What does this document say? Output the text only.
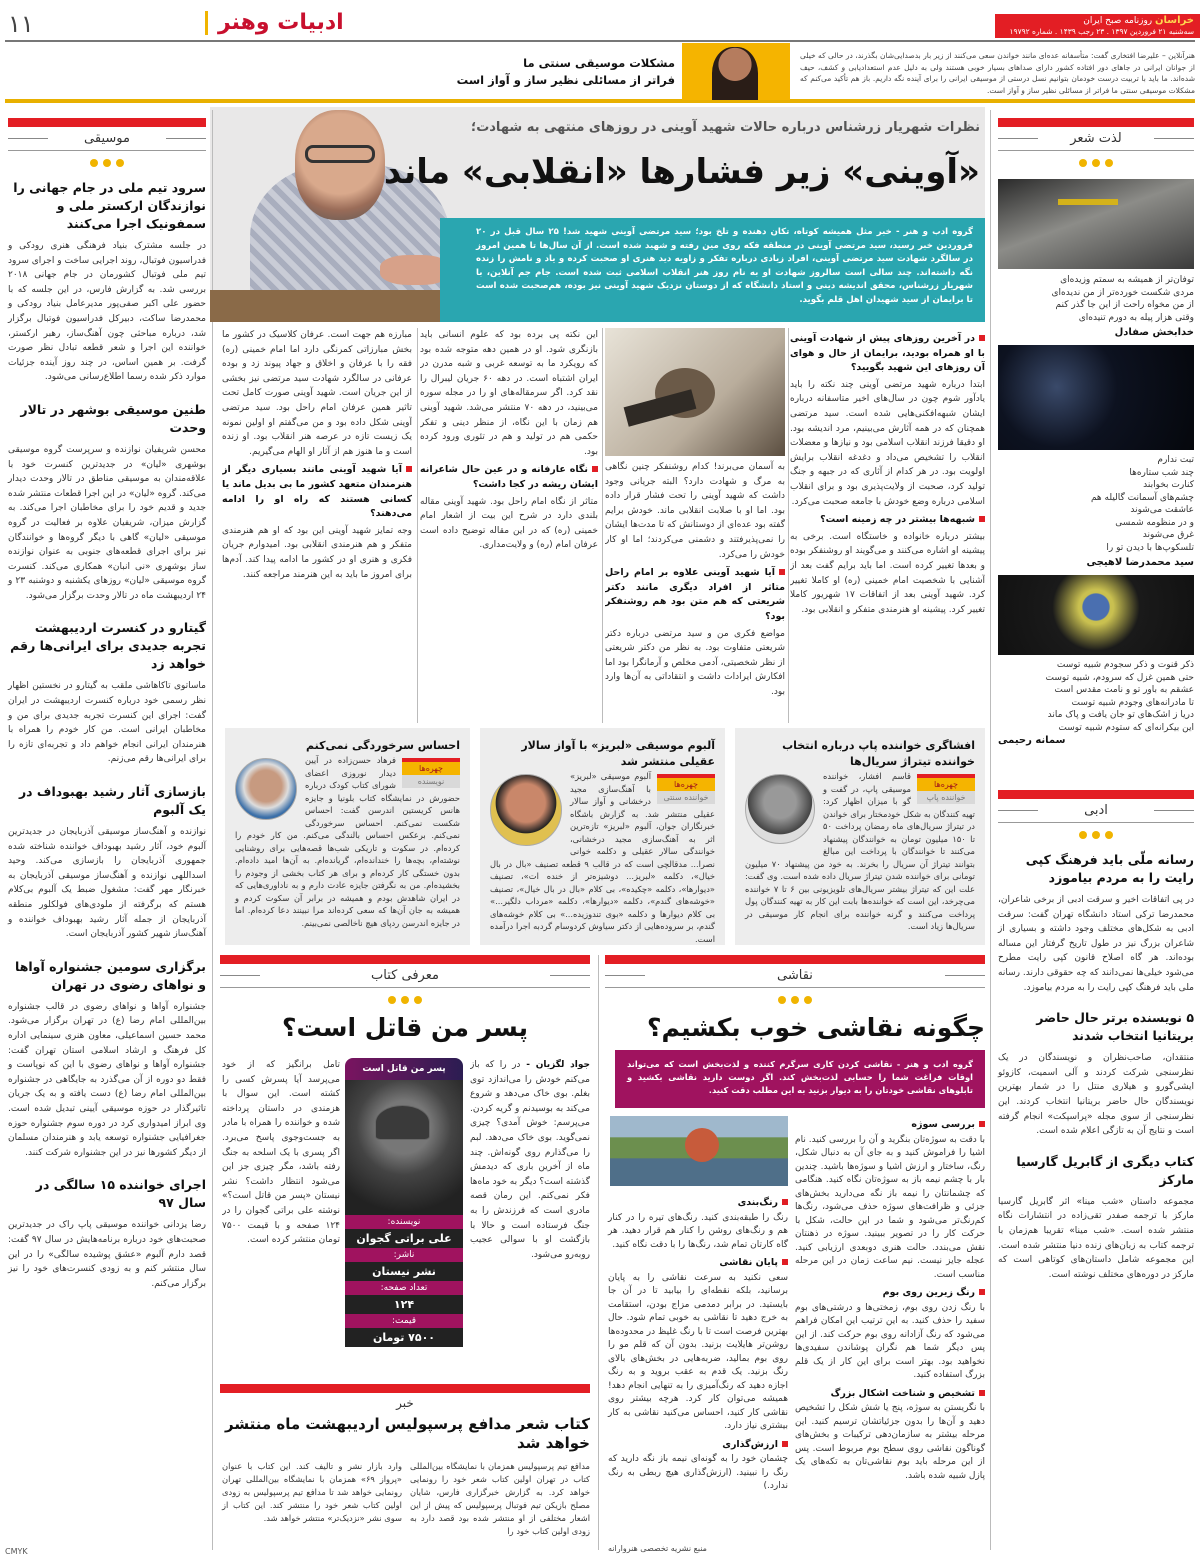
۱۱	ادبیات وهنر	خراسان روزنامه صبح ایران
سه‌شنبه ۲۱ فروردین ۱۳۹۷ . ۲۳ رجب ۱۴۳۹ . شماره ۱۹۷۹۲
هنرآنلاین – علیرضا افتخاری گفت: متأسفانه عده‌ای مانند خواندن سعی می‌کنند از زیر بار بدصدایی‌شان بگذرند، در حالی که خیلی از جوانان ایرانی در جاهای دور افتاده کشور دارای صداهای بسیار خوبی هستند ولی به دلیل عدم استعدادیابی و کشف، حیف شده‌اند. ما باید با تربیت درست خودمان بتوانیم نسل درستی از موسیقی ایرانی را برای آینده نگه داریم. باز هم تأکید می‌کنم که مشکلات موسیقی سنتی ما فراتر از مسائلی نظیر ساز و آواز است.
مشکلات موسیقی سنتی ما
فراتر از مسائلی نظیر ساز و آواز است
نظرات شهریار زرشناس درباره حالات شهید آوینی در روزهای منتهی به شهادت؛
«آوینی» زیر فشارها «انقلابی» ماند
گروه ادب و هنر - خبر مثل همیشه کوتاه، تکان دهنده و تلخ بود؛ سید مرتضی آوینی شهید شد! ۲۵ سال قبل در ۲۰ فروردین خبر رسید، سید مرتضی آوینی در منطقه فکه روی مین رفته و شهید شده است. از آن سال‌ها تا همین امروز در سالگرد شهادت سید مرتضی آوینی، افراد زیادی درباره تفکر و زاویه دید هنری او صحبت کرده و یاد و نامش را زنده نگه داشته‌اند. چند سالی است سالروز شهادت او به نام روز هنر انقلاب اسلامی ثبت شده است. جام جم آنلاین، با شهریار زرشناس، محقق اندیشه دینی و استاد دانشگاه که از دوستان نزدیک شهید آوینی نیز بوده، هم‌صحبت شده است تا برایمان از سید شهیدان اهل قلم بگوید.
در آخرین روزهای پیش از شهادت آوینی با او همراه بودید، برایمان از حال و هوای آن روزهای این شهید بگویید؟

ابتدا درباره شهید مرتضی آوینی چند نکته را باید یادآور شوم چون در سال‌های اخیر متاسفانه درباره ایشان شبهه‌افکنی‌هایی شده است. سید مرتضی همچنان که در همه آثارش می‌بینیم، مرد اندیشه بود. او دقیقا فرزند انقلاب اسلامی بود و نیازها و معضلات انقلاب را تشخیص می‌داد و دغدغه انقلاب برایش اولویت بود. در هر کدام از آثاری که در جبهه و جنگ تولید کرد، صحبت از ولایت‌پذیری بود و برای انقلاب اسلامی درباره وضع خودش با جامعه صحبت می‌کرد.

شبهه‌ها بیشتر در چه زمینه است؟

بیشتر درباره خانواده و خاستگاه است. برخی به پیشینه او اشاره می‌کنند و می‌گویند او روشنفکر بوده و بعدها تغییر کرده است. اما باید برایم گفت بعد از آشنایی با شخصیت امام خمینی (ره) او کاملا تغییر کرد. شهید آوینی بعد از اتفاقات ۱۷ شهریور کاملا تغییر کرد. پیشینه او هنرمندی متفکر و انقلابی بود.

به آسمان می‌برند! کدام روشنفکر چنین نگاهی به مرگ و شهادت دارد؟ البته جریانی وجود داشت که شهید آوینی را تحت فشار قرار داده بود. اما او با صلابت انقلابی ماند. خودش برایم گفته‌ بود عده‌ای از دوستانش که تا مدت‌ها ایشان را نمی‌پذیرفتند و دشمنی می‌کردند؛ اما او کار خودش را می‌کرد.

آیا شهید آوینی علاوه بر امام راحل متاثر از افراد دیگری مانند دکتر شریعتی که هم متن بود هم روشنفکر بود؟

مواضع فکری من و سید مرتضی درباره دکتر شریعتی متفاوت بود. به نظر من دکتر شریعتی از نظر شخصیتی، آدمی مخلص و آرمانگرا بود اما افکارش ایرادات داشت و انتقاداتی به آن‌ها وارد بود.

این نکته پی برده بود که علوم انسانی باید بازنگری شود. او در همین دهه متوجه شده بود که رویکرد ما به توسعه غربی و شبه مدرن در ایران اشتباه است. در دهه ۶۰ جریان لیبرال را نقد کرد. اگر سرمقاله‌های او را در مجله سوره می‌بینید، در دهه ۷۰ منتشر می‌شد. شهید آوینی هم زمان با این نگاه، از منظر دینی و تفکر حکمی هم در تولید و هم در تئوری ورود کرده بود.

نگاه عارفانه و در عین حال شاعرانه ایشان ریشه در کجا داشت؟

متاثر از نگاه امام راحل بود. شهید آوینی مقاله بلندی دارد در شرح این بیت از اشعار امام خمینی (ره) که در این مقاله توضیح داده است عرفان امام (ره) و ولایت‌مداری.

مبارزه هم جهت است. عرفان کلاسیک در کشور ما بخش مبارزاتی کمرنگی دارد اما امام خمینی (ره) فقه را با عرفان و اخلاق و جهاد پیوند زد و بوده عرفانی در سالگرد شهادت سید مرتضی نیز بخشی از این جریان است. شهید آوینی صورت کامل تحت تاثیر همین عرفان امام راحل بود. سید مرتضی آوینی شکل داده بود و من می‌گفتم او اولین نمونه یک زیست تازه در عرصه هنر انقلاب بود. او زنده است و ما هنوز هم از آثار او الهام می‌گیریم.

آیا شهید آوینی مانند بسیاری دیگر از هنرمندان متعهد کشور ما بی بدیل ماند یا کسانی هستند که راه او را ادامه می‌دهند؟

وجه تمایز شهید آوینی این بود که او هم هنرمندی متفکر و هم هنرمندی انقلابی بود. امیدوارم جریان فکری و هنری او در کشور ما ادامه پیدا کند. آدم‌ها برای امروز ما باید به این هنرمند مراجعه کنند.

افشاگری خواننده پاپ درباره انتخاب خواننده تیتراژ سریال‌ها
چهره‌ها
خواننده پاپ
قاسم افشار، خواننده موسیقی پاپ، در گفت و گو با میزان اظهار کرد: تهیه کنندگان به شکل خودمختار برای خواندن در تیتراژ سریال‌های ماه رمضان پرداخت ۵۰ تا ۱۵۰ میلیون تومان به خوانندگان پیشنهاد می‌کنند تا خوانندگان با پرداخت این مبالغ بتوانند تیتراژ آن سریال را بخرند. به خود من پیشنهاد ۷۰ میلیون تومانی برای خواننده شدن تیتراژ سریال داده شده است. وی گفت: علت این که تیتراژ بیشتر سریال‌های تلویزیونی بین ۶ تا ۷ خواننده می‌چرخد، این است که خواننده‌ها بابت این کار به تهیه کنندگان پول پرداخت می‌کنند و گرنه خواننده برای انجام کار موسیقی در سریال‌ها زیاد است.
آلبوم موسیقی «لبریز» با آواز سالار عقیلی منتشر شد
چهره‌ها
خواننده سنتی
آلبوم موسیقی «لبریز» با آهنگ‌سازی مجید درخشانی و آواز سالار عقیلی منتشر شد. به گزارش باشگاه خبرنگاران جوان، آلبوم «لبریز» تازه‌ترین اثر به آهنگ‌سازی مجید درخشانی، خوانندگی سالار عقیلی و دکلمه خوانی نصرا... مدقالچی است که در قالب ۹ قطعه تصنیف «بال در بال خیال»، دکلمه «لبریز... دوشیزه‌تر از خنده ات»، تصنیف «دیوارها»، دکلمه «چکیده»، بی کلام «بال در بال خیال»، تصنیف «خوشه‌های گندم»، دکلمه «دیوارها»، دکلمه «مرداب دلگیر...» بی کلام دیوارها و دکلمه «بوی تندوزیده...» بی کلام خوشه‌های گندم، بر سروده‌هایی از دکتر سیاوش کردوسام گردبه اجرا درآمده است.
احساس سرخوردگی نمی‌کنم
چهره‌ها
نویسنده
فرهاد حسن‌زاده در آیین دیدار نوروزی اعضای شورای کتاب کودک درباره حضورش در نمایشگاه کتاب بلونیا و جایزه هانس کریستین اندرسن گفت: احساس شکست نمی‌کنم. احساس سرخوردگی نمی‌کنم. برعکس احساس بالندگی می‌کنم. من کار خودم را کرده‌ام. در سکوت و تاریکی شب‌ها قصه‌هایی برای روشنایی نوشته‌ام، بچه‌ها را خندانده‌ام، گریانده‌ام. به آن‌ها امید داده‌ام. بدون خستگی کار کرده‌ام و برای هر کتاب بخشی از وجودم را بخشیده‌ام. من به نگرفتن جایزه عادت دارم و به ناداوری‌هایی که در ایران شاهدش بودم و همیشه در برابر آن سکوت کردم و همیشه به جان آن‌ها که سعی کرده‌اند مرا نبینند دعا کرده‌ام. اما در جایزه اندرسن ردپای هیچ ناخالصی نمی‌بینم.
نقاشی
چگونه نقاشی خوب بکشیم؟
گروه ادب و هنر - نقاشی کردن کاری سرگرم کننده و لذت‌بخش است که می‌تواند اوقات فراغت شما را حسابی لذت‌بخش کند. اگر دوست دارید نقاشی بکشید و تابلوهای نقاشی خودتان را به دیوار بزنید به این مطلب دقت کنید.
بررسی سوژه

با دقت به سوژه‌تان بنگرید و آن را بررسی کنید. نام اشیا را فراموش کنید و به جای آن به دنبال شکل، رنگ، ساختار و ارزش اشیا و سوژه‌ها باشید. چندین بار با چشم نیمه باز به سوژه‌تان نگاه کنید. هنگامی که چشمانتان را نیمه باز نگه می‌دارید بخش‌های جزئی و ظرافت‌های سوژه حذف می‌شود، رنگ‌ها کم‌رنگ‌تر می‌شود و شما در این حالت، شکل با حرکت کار را در تصویر ببینید. سوژه در ذهنتان نقش می‌بندد. حالت هنری دوبعدی ارزیابی کنید. عجله جایز نیست. نیم ساعت زمان در این مرحله مناسب است.

رنگ زیرین روی بوم

با رنگ زدن روی بوم، زمختی‌ها و درشتی‌های بوم سفید را حذف کنید. به این ترتیب این امکان فراهم می‌شود که رنگ آزادانه روی بوم حرکت کند. از این پس دیگر شما هم نگران پوشاندن سفیدی‌ها نخواهید بود. بهتر است برای این کار از یک قلم بزرگ استفاده کنید.

تشخیص و شناخت اشکال بزرگ

با نگریستن به سوژه، پنج یا شش شکل را تشخیص دهید و آن‌ها را بدون جزئیاتشان ترسیم کنید. این مرحله بیشتر به سازمان‌دهی ترکیبات و بخش‌های گوناگون نقاشی روی سطح بوم مربوط است. پس از این مرحله باید بوم نقاشی‌تان به تکه‌های یک پازل شبیه شده باشد.

رنگ‌بندی

رنگ را طبقه‌بندی کنید. رنگ‌های تیره را در کنار هم و رنگ‌های روشن را کنار هم قرار دهید. هر گاه کارتان تمام شد، رنگ‌ها را با دقت نگاه کنید.

پایان نقاشی

سعی نکنید به سرعت نقاشی را به پایان برسانید، بلکه نقطه‌ای را بیابید تا در آن جا بایستید. در برابر دمدمی مزاج بودن، استقامت به خرج دهید تا نقاشی به خوبی تمام شود. حال بهترین فرصت است تا با رنگ غلیظ در محدوده‌ها روشن‌تر هایلایت بزنید. بدون آن که قلم مو را روی بوم بمالید، ضربه‌هایی در بخش‌های بالای رنگ بزنید. یک قدم به عقب بروید و به رنگ اجازه دهید که رنگ‌آمیزی را به تنهایی انجام دهد! همیشه می‌توان کار کرد. هرچه بیشتر روی نقاشی کار کنید، احساس می‌کنید نقاشی به کار بیشتری نیاز دارد.

ارزش‌گذاری

چشمان خود را به گونه‌ای نیمه باز نگه دارید که رنگ را نبینید. (ارزش‌گذاری هیچ ربطی به رنگ ندارد.)

منبع نشریه تخصصی هنروارانه
معرفی کتاب
پسر من قاتل است؟
جواد لگزیان - در را که باز می‌کنم خودش را می‌اندازد توی بغلم. بوی خاک می‌دهد و شروع می‌کند به بوسیدنم و گریه کردن. می‌پرسم: خوش آمدی؟ چیزی نمی‌گوید. بوی خاک می‌دهد. لبم را می‌گذارم روی گونه‌اش. چند ماه از آخرین باری که دیدمش گذشته است؟ دیگر به خود ماه‌ها فکر نمی‌کنم. این رمان قصه مادری است که فرزندش را به جنگ فرستاده است و حالا با بازگشت او با سوالی عجیب روبه‌رو می‌شود.

تامل برانگیز که از خود می‌پرسد آیا پسرش کسی را کشته است. این سوال با هزمندی در داستان پرداخته شده و خواننده را همراه با مادر به جست‌وجوی پاسخ می‌برد. اگر پسری با یک اسلحه به جنگ رفته باشد، مگر چیزی جز این می‌شود انتظار داشت؟ نشر نیستان «پسر من قاتل است؟» نوشته علی براتی گجوان را در ۱۲۴ صفحه و با قیمت ۷۵۰۰ تومان منتشر کرده است.

پسر من قاتل است
نویسنده:
علی براتی گجوان
ناشر:
نشر نیستان
تعداد صفحه:
۱۲۴
قیمت:
۷۵۰۰ تومان
خبر
کتاب شعر مدافع پرسپولیس اردیبهشت ماه منتشر خواهد شد
مدافع تیم پرسپولیس همزمان با نمایشگاه بین‌المللی کتاب در تهران اولین کتاب شعر خود را رونمایی خواهد کرد. به گزارش خبرگزاری فارس، شایان مصلح بازیکن تیم فوتبال پرسپولیس که پیش از این اشعار مختلفی از او منتشر شده بود قصد دارد به زودی اولین کتاب خود را
وارد بازار نشر و تالیف کند. این کتاب با عنوان «پرواز ۶۹» همزمان با نمایشگاه بین‌المللی تهران رونمایی خواهد شد تا مدافع تیم پرسپولیس به زودی اولین کتاب شعر خود را منتشر کند. این کتاب از سوی نشر «نزدیک‌تر» منتشر خواهد شد.
لذت شعر
توفان‌تر از همیشه به سمتم وزیده‌ای
مردی شکست خورده‌تر از من ندیده‌ای
از من مخواه راحت از این جا گذر کنم
وقتی هزار پیله به دورم تنیده‌ای
خدابخش صفادل
تبت ندارم
چند شب ستاره‌ها
کنارت بخوابند
چشم‌های آسمانت گالیله هم
عاشقت می‌شوند
و در منظومه شمسی
غرق می‌شوند
تلسکوپ‌ها با دیدن تو را
سید محمدرضا لاهیجی
ذکر قنوت و ذکر سجودم شبیه توست
حتی همین غزل که سرودم، شبیه توست
عشقم به باور تو و نامت مقدس است
تا مادرانه‌های وجودم شبیه توست
دریا ز اشک‌های تو جان یافت و پاک ماند
این بیکرانه‌ای که ستودم شبیه توست
سمانه رحیمی
ادبی
رسانه ملّی باید فرهنگ کپی رایت را به مردم بیاموزد
در پی اتفاقات اخیر و سرقت ادبی از برخی شاعران، محمدرضا ترکی استاد دانشگاه تهران گفت: سرقت ادبی به شکل‌های مختلف وجود داشته و بسیاری از شاعران بزرگ نیز در طول تاریخ گرفتار این مساله بوده‌اند. هر گاه اصلاح قانون کپی رایت مطرح می‌شود خیلی‌ها نمی‌دانند که چه حقوقی دارند. رسانه ملی باید فرهنگ کپی رایت را به مردم بیاموزد.
۵ نویسنده برتر حال حاضر بریتانیا انتخاب شدند
منتقدان، صاحب‌نظران و نویسندگان در یک نظرسنجی شرکت کردند و آلی اسمیت، کازوئو ایشی‌گورو و هیلاری منتل را در شمار بهترین نویسندگان حال حاضر بریتانیا انتخاب کردند. این نظرسنجی از سوی مجله «پراسپکت» انجام گرفته است و نتایج آن به تازگی اعلام شده است.
کتاب دیگری از گابریل گارسیا مارکز
مجموعه داستان «شب مینا» اثر گابریل گارسیا مارکز با ترجمه صفدر تقی‌زاده در انتشارات نگاه منتشر شده است. «شب مینا» تقریبا هم‌زمان با ترجمه کتاب به زبان‌های زنده دنیا منتشر شده است. این مجموعه شامل داستان‌های کوتاهی است که مارکز در دوره‌های مختلف نوشته است.
موسیقی
سرود تیم ملی در جام جهانی را نوازندگان ارکستر ملی و سمفونیک اجرا می‌کنند
در جلسه مشترک بنیاد فرهنگی هنری رودکی و فدراسیون فوتبال، روند اجرایی ساخت و اجرای سرود تیم ملی فوتبال کشورمان در جام جهانی ۲۰۱۸ بررسی شد. به گزارش فارس، در این جلسه که با حضور علی اکبر صفی‌پور مدیرعامل بنیاد رودکی و محمدرضا ساکت، دبیرکل فدراسیون فوتبال برگزار شد، درباره مباحثی چون آهنگ‌ساز، رهبر ارکستر، خواننده این اجرا و شعر قطعه تبادل نظر صورت گرفت. بر همین اساس، در چند روز آینده جزئیات موارد ذکر شده رسما اطلاع‌رسانی می‌شود.
طنین موسیقی بوشهر در تالار وحدت
محسن شریفیان نوازنده و سرپرست گروه موسیقی بوشهری «لیان» در جدیدترین کنسرت خود با علاقه‌مندان به موسیقی مناطق در تالار وحدت دیدار می‌کند. گروه «لیان» در این اجرا قطعات منتشر شده جدید و قدیم خود را برای مخاطبان اجرا می‌کند. به گزارش میزان، شریفیان علاوه بر فعالیت در گروه موسیقی «لیان» گاهی با دیگر گروه‌ها و خوانندگان نیز برای اجرای قطعه‌های جنوبی به عنوان نوازنده ساز بوشهری «نی انبان» همکاری می‌کند. کنسرت گروه موسیقی «لیان» روزهای یکشنبه و دوشنبه ۲۳ و ۲۴ اردیبهشت ماه در تالار وحدت برگزار می‌شود.
گیتارو در کنسرت اردیبهشت تجربه جدیدی برای ایرانی‌ها رقم خواهد زد
ماساتوی تاکاهاشی ملقب به گیتارو در نخستین اظهار نظر رسمی خود درباره کنسرت اردیبهشت در ایران گفت: اجرای این کنسرت تجربه جدیدی برای من و مخاطبان ایرانی است. من کار خودم را همراه با هنرمندان ایرانی انجام خواهم داد و تجربه‌ای تازه را برای ایرانی‌ها رقم می‌زنم.
بازسازی آثار رشید بهبوداف در یک آلبوم
نوازنده و آهنگ‌ساز موسیقی آذربایجان در جدیدترین آلبوم خود، آثار رشید بهبوداف خواننده شناخته شده جمهوری آذربایجان را بازسازی می‌کند. وحید اسداللهی نوازنده و آهنگ‌ساز موسیقی آذربایجان به خبرنگار مهر گفت: مشغول ضبط یک آلبوم بی‌کلام هستم که برگرفته از ملودی‌های فولکلور منطقه آذربایجان از جمله آثار رشید بهبوداف خواننده و آهنگ‌ساز شهیر کشور آذربایجان است.
برگزاری سومین جشنواره آواها و نواهای رضوی در تهران
جشنواره آواها و نواهای رضوی در قالب جشنواره بین‌المللی امام رضا (ع) در تهران برگزار می‌شود. محمد حسین اسماعیلی، معاون هنری سینمایی اداره کل فرهنگ و ارشاد اسلامی استان تهران گفت: جشنواره آواها و نواهای رضوی با این که نوپاست و فقط دو دوره از آن می‌گذرد به جایگاهی در جشنواره بین‌المللی امام رضا (ع) دست یافته و به یک جریان تاثیرگذار در حوزه موسیقی آیینی تبدیل شده است. وی ابراز امیدواری کرد در دوره سوم جشنواره حوزه جغرافیایی جشنواره توسعه یابد و هنرمندان مسلمان از دیگر کشورها نیز در این جشنواره شرکت کنند.
اجرای خواننده ۱۵ سالگی در سال ۹۷
رضا یزدانی خواننده موسیقی پاپ راک در جدیدترین صحبت‌های خود درباره برنامه‌هایش در سال ۹۷ گفت: قصد دارم آلبوم «عشق پوشیده سالگی» را در این سال منتشر کنم و به زودی کنسرت‌های خود را نیز برگزار می‌کنم.
CMYK
